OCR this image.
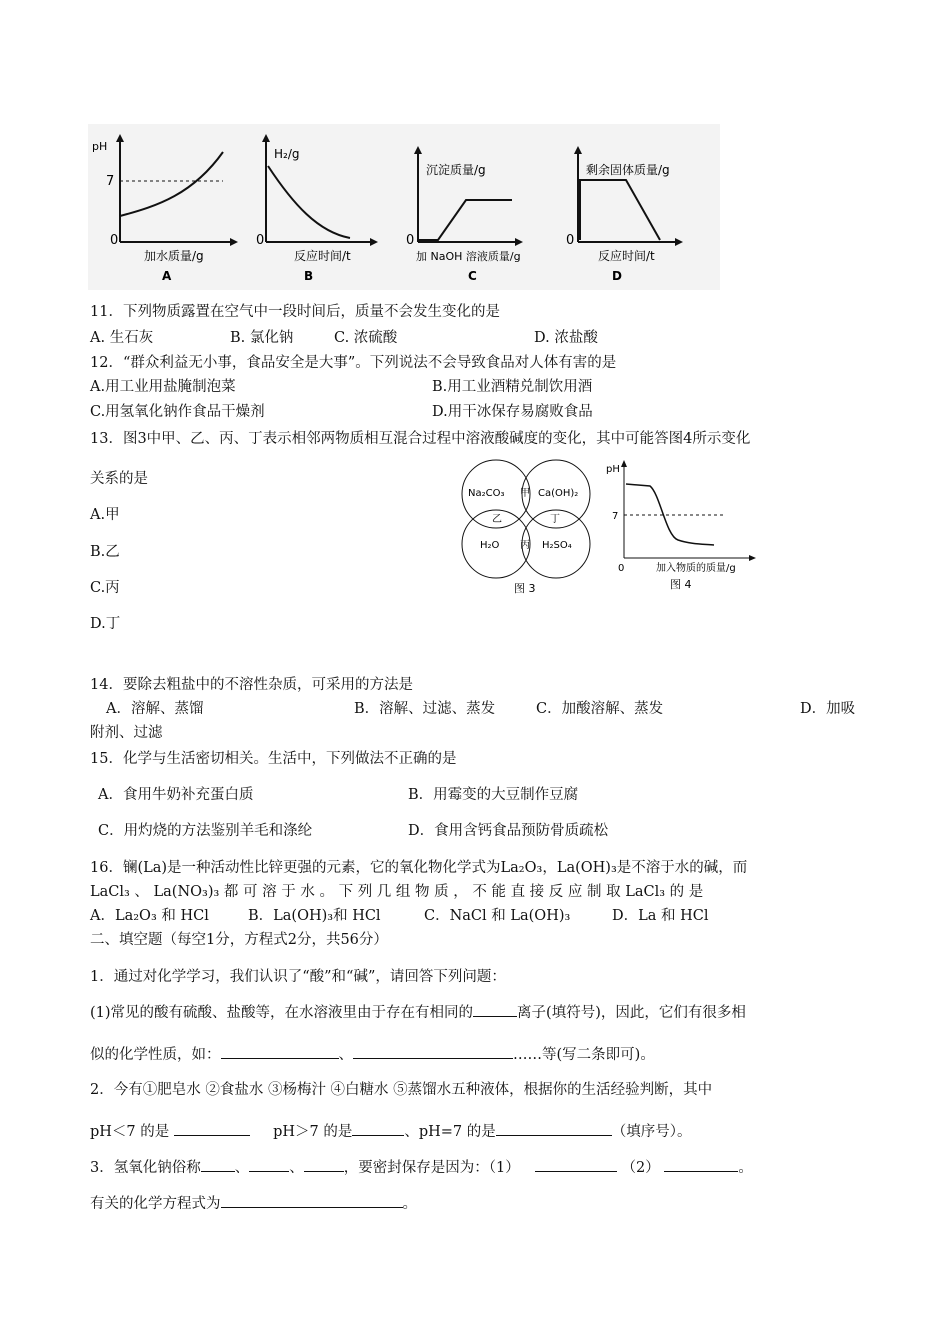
pH
7
0
加水质量/g
A
H₂/g
0
反应时间/t
B
沉淀质量/g
0
加 NaOH 溶液质量/g
C
剩余固体质量/g
0
反应时间/t
D
11．下列物质露置在空气中一段时间后，质量不会发生变化的是
A. 生石灰	B. 氯化钠	C. 浓硫酸	D. 浓盐酸
12．“群众利益无小事，食品安全是大事”。下列说法不会导致食品对人体有害的是
A.用工业用盐腌制泡菜	B.用工业酒精兑制饮用酒
C.用氢氧化钠作食品干燥剂	D.用干冰保存易腐败食品
13．图3中甲、乙、丙、丁表示相邻两物质相互混合过程中溶液酸碱度的变化，其中可能答图4所示变化
关系的是
A.甲
B.乙
C.丙
D.丁
Na₂CO₃	Ca(OH)₂
H₂O	H₂SO₄
甲
乙	丁
丙
图 3
pH
7
0	加入物质的质量/g
图 4
14．要除去粗盐中的不溶性杂质，可采用的方法是
A．溶解、蒸馏	B．溶解、过滤、蒸发	C．加酸溶解、蒸发	D．加吸
附剂、过滤
15．化学与生活密切相关。生活中，下列做法不正确的是
A．食用牛奶补充蛋白质	B．用霉变的大豆制作豆腐
C．用灼烧的方法鉴别羊毛和涤纶	D．食用含钙食品预防骨质疏松
16．镧(La)是一种活动性比锌更强的元素，它的氧化物化学式为La₂O₃，La(OH)₃是不溶于水的碱，而
LaCl₃ 、 La(NO₃)₃ 都 可 溶 于 水 。 下 列 几 组 物 质 ， 不 能 直 接 反 应 制 取 LaCl₃ 的 是
A．La₂O₃ 和 HCl	B．La(OH)₃和 HCl	C．NaCl 和 La(OH)₃	D．La 和 HCl
二、填空题（每空1分，方程式2分，共56分）
1．通过对化学学习，我们认识了“酸”和“碱”，请回答下列问题：
(1)常见的酸有硫酸、盐酸等，在水溶液里由于存在有相同的	离子(填符号)，因此，它们有很多相
似的化学性质，如：	、	……等(写二条即可)。
2．今有①肥皂水 ②食盐水 ③杨梅汁 ④白糖水 ⑤蒸馏水五种液体，根据你的生活经验判断，其中
pH＜7 的是	pH＞7 的是	、pH=7 的是	（填序号）。
3．氢氧化钠俗称 、	、	，要密封保存是因为：（1）	（2）	。
有关的化学方程式为	。
